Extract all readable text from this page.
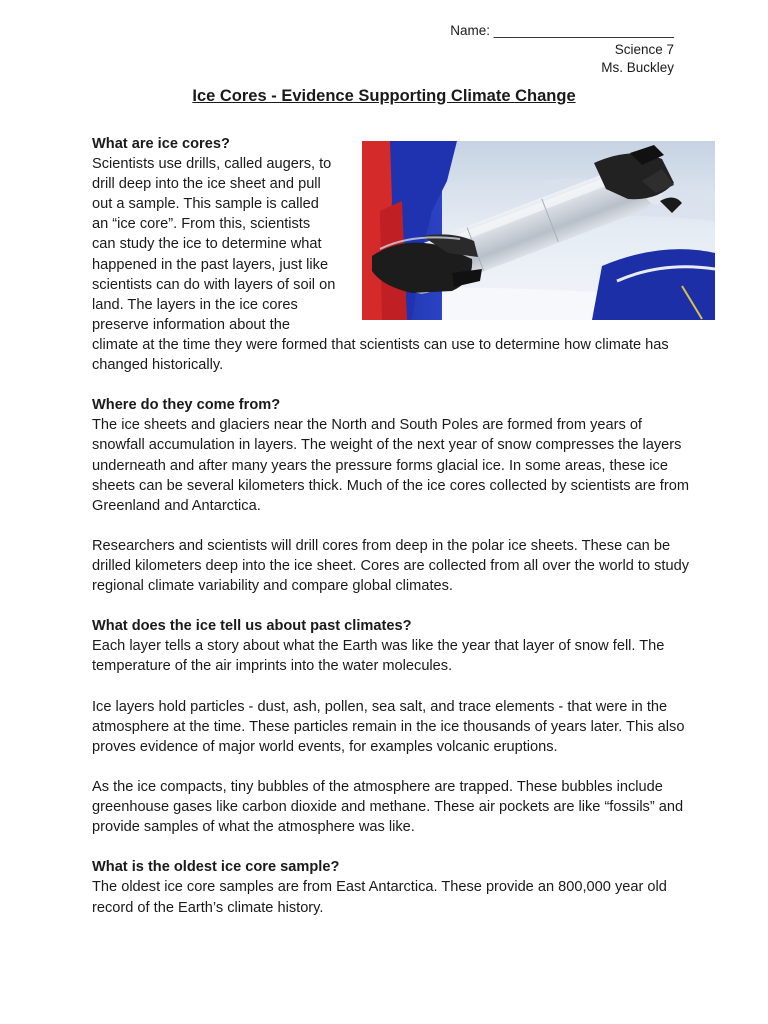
Name: ________________________
Science 7
Ms. Buckley
Ice Cores - Evidence Supporting Climate Change
What are ice cores?

Scientists use drills, called augers, to drill deep into the ice sheet and pull out a sample. This sample is called an “ice core”. From this, scientists can study the ice to determine what happened in the past layers, just like scientists can do with layers of soil on land. The layers in the ice cores preserve information about the climate at the time they were formed that scientists can use to determine how climate has changed historically.

Where do they come from?

The ice sheets and glaciers near the North and South Poles are formed from years of snowfall accumulation in layers. The weight of the next year of snow compresses the layers underneath and after many years the pressure forms glacial ice. In some areas, these ice sheets can be several kilometers thick. Much of the ice cores collected by scientists are from Greenland and Antarctica.

Researchers and scientists will drill cores from deep in the polar ice sheets. These can be drilled kilometers deep into the ice sheet. Cores are collected from all over the world to study regional climate variability and compare global climates.

What does the ice tell us about past climates?

Each layer tells a story about what the Earth was like the year that layer of snow fell. The temperature of the air imprints into the water molecules.

Ice layers hold particles - dust, ash, pollen, sea salt, and trace elements - that were in the atmosphere at the time. These particles remain in the ice thousands of years later. This also proves evidence of major world events, for examples volcanic eruptions.

As the ice compacts, tiny bubbles of the atmosphere are trapped. These bubbles include greenhouse gases like carbon dioxide and methane. These air pockets are like “fossils” and provide samples of what the atmosphere was like.

What is the oldest ice core sample?

The oldest ice core samples are from East Antarctica. These provide an 800,000 year old record of the Earth’s climate history.
